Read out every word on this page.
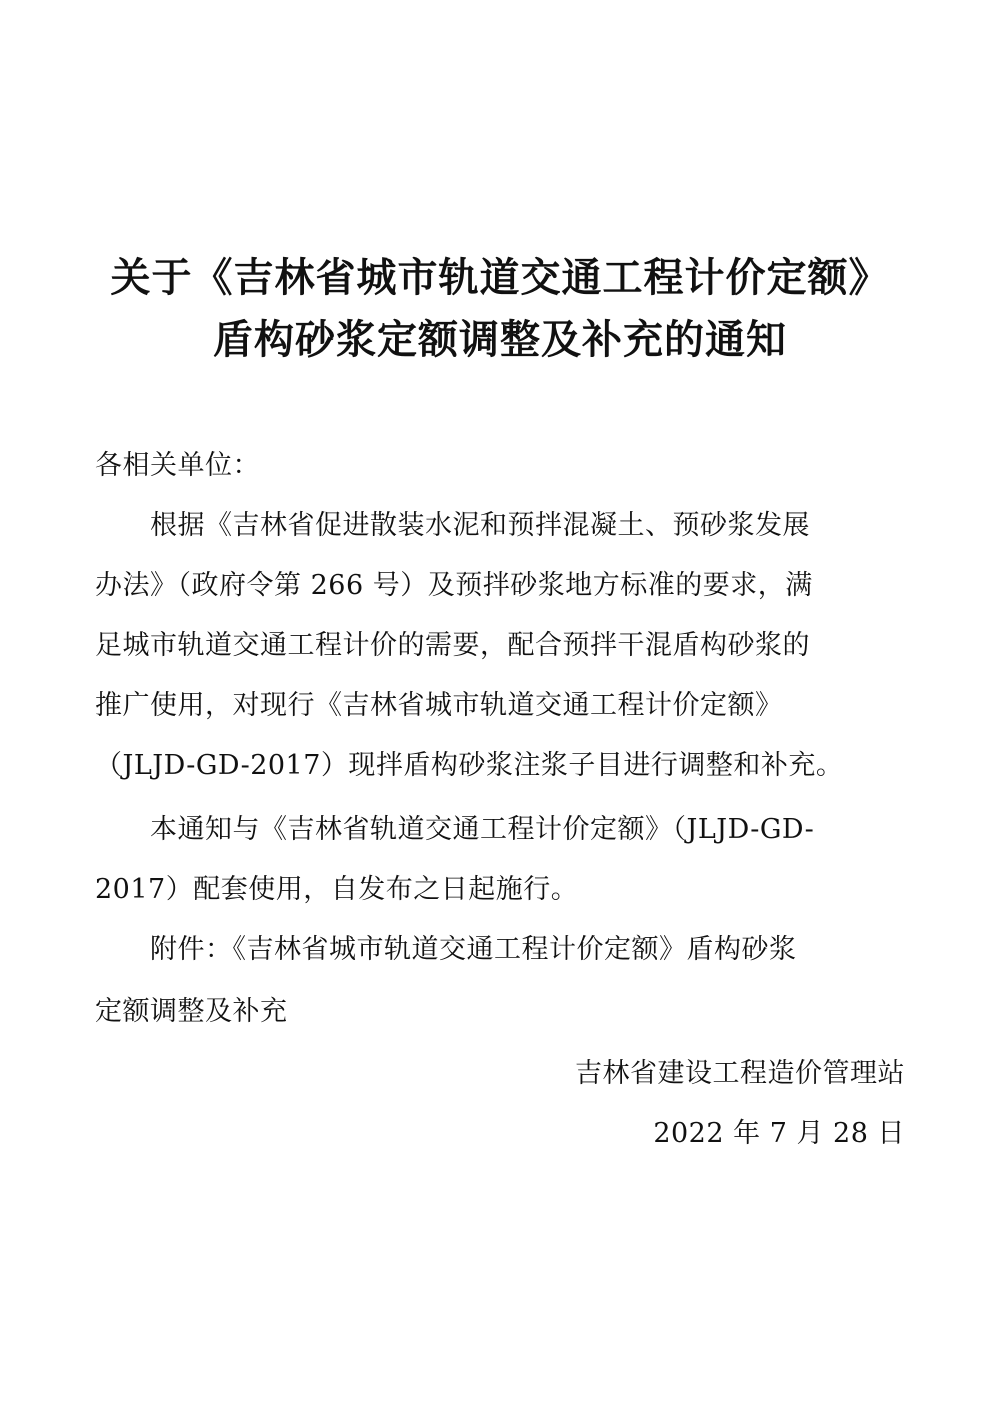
关于《吉林省城市轨道交通工程计价定额》
盾构砂浆定额调整及补充的通知
各相关单位：
根据《吉林省促进散装水泥和预拌混凝土、预砂浆发展
办法》（政府令第 266 号）及预拌砂浆地方标准的要求，满
足城市轨道交通工程计价的需要，配合预拌干混盾构砂浆的
推广使用，对现行《吉林省城市轨道交通工程计价定额》
（JLJD-GD-2017）现拌盾构砂浆注浆子目进行调整和补充。
本通知与《吉林省轨道交通工程计价定额》（JLJD-GD-
2017）配套使用，自发布之日起施行。
附件：《吉林省城市轨道交通工程计价定额》盾构砂浆
定额调整及补充
吉林省建设工程造价管理站
2022 年 7 月 28 日
